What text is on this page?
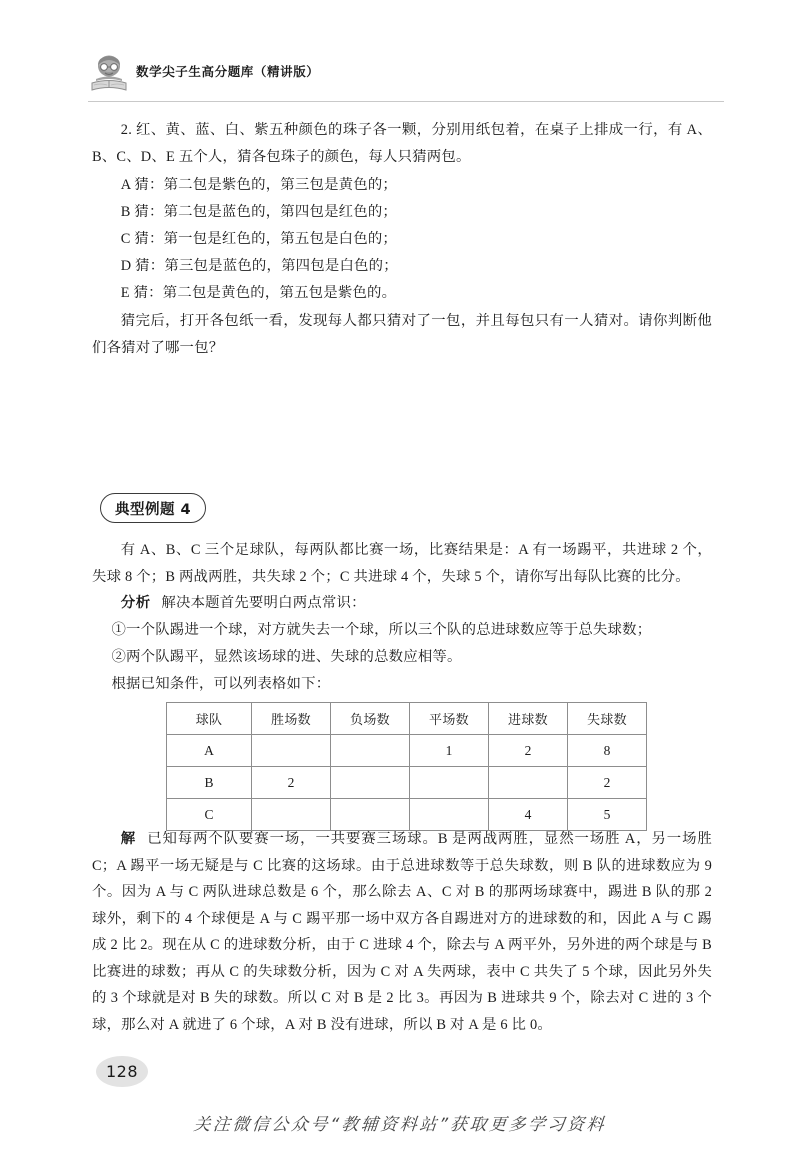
数学尖子生高分题库（精讲版）
2. 红、黄、蓝、白、紫五种颜色的珠子各一颗，分别用纸包着，在桌子上排成一行，有 A、B、C、D、E 五个人，猜各包珠子的颜色，每人只猜两包。
A 猜：第二包是紫色的，第三包是黄色的；
B 猜：第二包是蓝色的，第四包是红色的；
C 猜：第一包是红色的，第五包是白色的；
D 猜：第三包是蓝色的，第四包是白色的；
E 猜：第二包是黄色的，第五包是紫色的。
猜完后，打开各包纸一看，发现每人都只猜对了一包，并且每包只有一人猜对。请你判断他们各猜对了哪一包？
典型例题 4
有 A、B、C 三个足球队，每两队都比赛一场，比赛结果是：A 有一场踢平，共进球 2 个，失球 8 个；B 两战两胜，共失球 2 个；C 共进球 4 个，失球 5 个，请你写出每队比赛的比分。
分析 解决本题首先要明白两点常识：
①一个队踢进一个球，对方就失去一个球，所以三个队的总进球数应等于总失球数；
②两个队踢平，显然该场球的进、失球的总数应相等。
根据已知条件，可以列表格如下：
球队	胜场数	负场数	平场数	进球数	失球数
A			1	2	8
B	2				2
C				4	5
解 已知每两个队要赛一场，一共要赛三场球。B 是两战两胜，显然一场胜 A，另一场胜 C；A 踢平一场无疑是与 C 比赛的这场球。由于总进球数等于总失球数，则 B 队的进球数应为 9 个。因为 A 与 C 两队进球总数是 6 个，那么除去 A、C 对 B 的那两场球赛中，踢进 B 队的那 2 球外，剩下的 4 个球便是 A 与 C 踢平那一场中双方各自踢进对方的进球数的和，因此 A 与 C 踢成 2 比 2。现在从 C 的进球数分析，由于 C 进球 4 个，除去与 A 两平外，另外进的两个球是与 B 比赛进的球数；再从 C 的失球数分析，因为 C 对 A 失两球，表中 C 共失了 5 个球，因此另外失的 3 个球就是对 B 失的球数。所以 C 对 B 是 2 比 3。再因为 B 进球共 9 个，除去对 C 进的 3 个球，那么对 A 就进了 6 个球，A 对 B 没有进球，所以 B 对 A 是 6 比 0。
128
关注微信公众号“教辅资料站”获取更多学习资料
